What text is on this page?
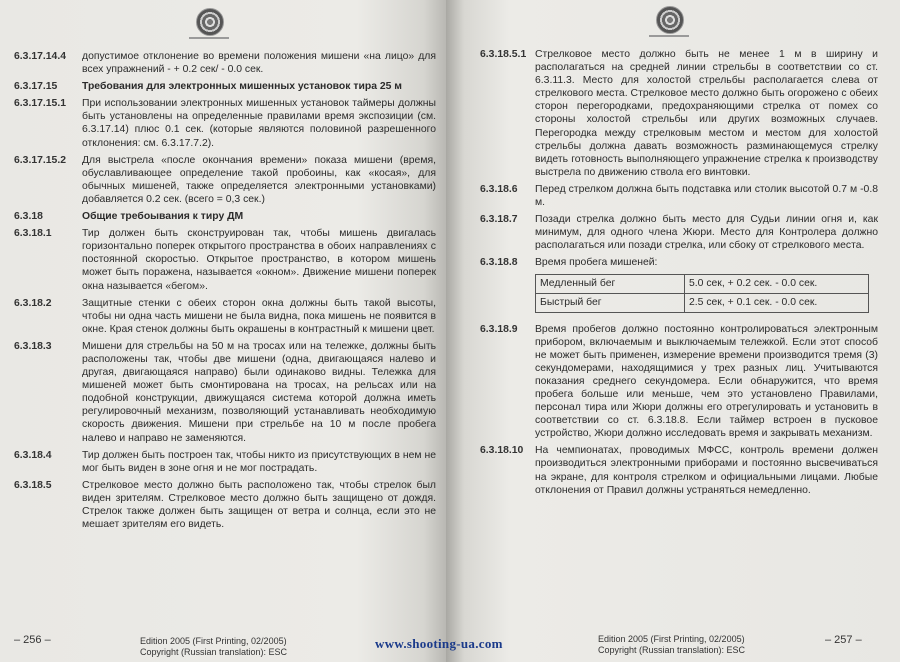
6.3.17.14.4	допустимое отклонение во времени положения мишени «на лицо» для всех упражнений - + 0.2 сек/ - 0.0 сек.
6.3.17.15	Требования для электронных мишенных установок тира 25 м
6.3.17.15.1	При использовании электронных мишенных установок таймеры должны быть установлены на определенные правилами время экспозиции (см. 6.3.17.14) плюс 0.1 сек. (которые являются половиной разрешенного отклонения: см. 6.3.17.7.2).
6.3.17.15.2	Для выстрела «после окончания времени» показа мишени (время, обуславливающее определение такой пробоины, как «косая», для обычных мишеней, также определяется электронными установками) добавляется 0.2 сек. (всего = 0,3 сек.)
6.3.18	Общие требоывания к тиру ДМ
6.3.18.1	Тир должен быть сконструирован так, чтобы мишень двигалась горизонтально поперек открытого пространства в обоих направлениях с постоянной скоростью. Открытое пространство, в котором мишень может быть поражена, называется «окном». Движение мишени поперек окна называется «бегом».
6.3.18.2	Защитные стенки с обеих сторон окна должны быть такой высоты, чтобы ни одна часть мишени не была видна, пока мишень не появится в окне. Края стенок должны быть окрашены в контрастный к мишени цвет.
6.3.18.3	Мишени для стрельбы на 50 м на тросах или на тележке, должны быть расположены так, чтобы две мишени (одна, двигающаяся налево и другая, двигающаяся направо) были одинаково видны. Тележка для мишеней может быть смонтирована на тросах, на рельсах или на подобной конструкции, движущаяся система которой должна иметь регулировочный механизм, позволяющий устанавливать необходимую скорость движения. Мишени при стрельбе на 10 м после пробега налево и направо не заменяются.
6.3.18.4	Тир должен быть построен так, чтобы никто из присутствующих в нем не мог быть виден в зоне огня и не мог пострадать.
6.3.18.5	Стрелковое место должно быть расположено так, чтобы стрелок был виден зрителям. Стрелковое место должно быть защищено от дождя. Стрелок также должен быть защищен от ветра и солнца, если это не мешает зрителям его видеть.
– 256 –	Edition 2005 (First Printing, 02/2005)
Copyright (Russian translation): ESC
6.3.18.5.1 Стрелковое место должно быть не менее 1 м в ширину и располагаться на средней линии стрельбы в соответствии со ст. 6.3.11.3. Место для холостой стрельбы располагается слева от стрелкового места. Стрелковое место должно быть огорожено с обеих сторон перегородками, предохраняющими стрелка от помех со стороны холостой стрельбы или других возможных случаев. Перегородка между стрелковым местом и местом для холостой стрельбы должна давать возможность разминающемуся стрелку видеть готовность выполняющего упражнение стрелка к производству выстрела по движению ствола его винтовки.
6.3.18.6	Перед стрелком должна быть подставка или столик высотой 0.7 м -0.8 м.
6.3.18.7	Позади стрелка должно быть место для Судьи линии огня и, как минимум, для одного члена Жюри. Место для Контролера должно располагаться или позади стрелка, или сбоку от стрелкового места.
6.3.18.8	Время пробега мишеней:
Медленный бег	5.0 сек, + 0.2 сек. - 0.0 сек.
Быстрый бег	2.5 сек, + 0.1 сек. - 0.0 сек.
6.3.18.9	Время пробегов должно постоянно контролироваться электронным прибором, включаемым и выключаемым тележкой. Если этот способ не может быть применен, измерение времени производится тремя (3) секундомерами, находящимися у трех разных лиц. Учитываются показания среднего секундомера. Если обнаружится, что время пробега больше или меньше, чем это установлено Правилами, персонал тира или Жюри должны его отрегулировать и установить в соответствии со ст. 6.3.18.8. Если таймер встроен в пусковое устройство, Жюри должно исследовать время и закрывать механизм.
6.3.18.10	На чемпионатах, проводимых МФСС, контроль времени должен производиться электронными приборами и постоянно высвечиваться на экране, для контроля стрелком и официальными лицами. Любые отклонения от Правил должны устраняться немедленно.
Edition 2005 (First Printing, 02/2005)
Copyright (Russian translation): ESC
– 257 –
www.shooting-ua.com
